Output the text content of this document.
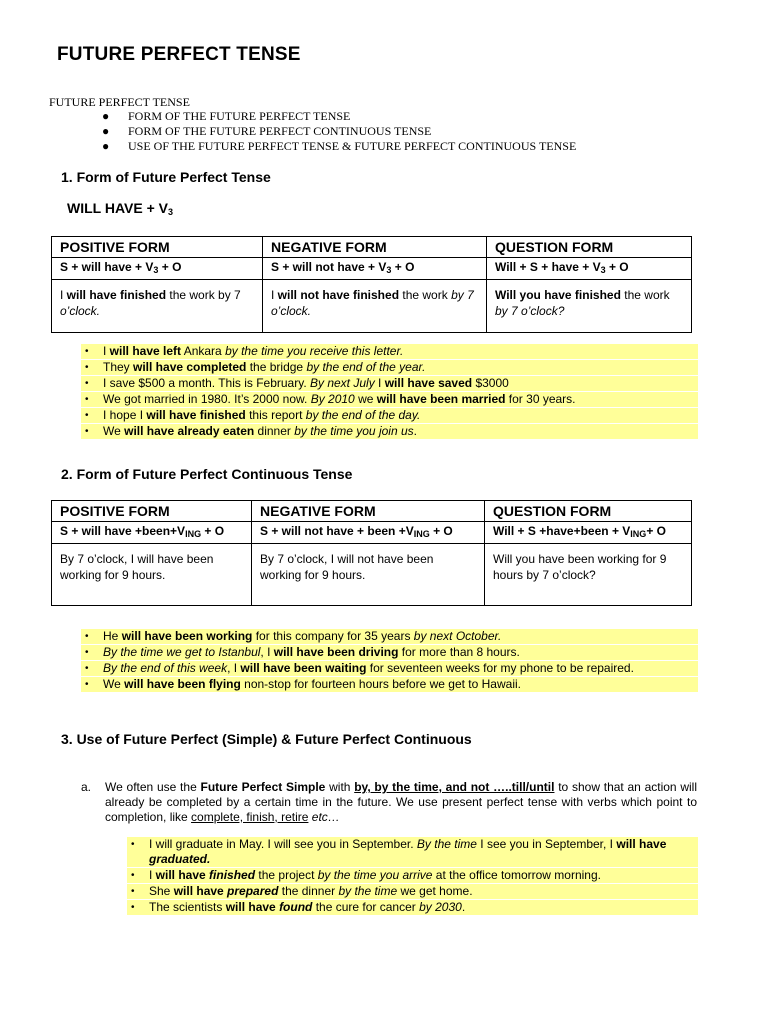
FUTURE PERFECT TENSE
FUTURE PERFECT TENSE
● FORM OF THE FUTURE PERFECT TENSE
● FORM OF THE FUTURE PERFECT CONTINUOUS TENSE
● USE OF THE FUTURE PERFECT TENSE & FUTURE PERFECT CONTINUOUS TENSE
1. Form of Future Perfect Tense
WILL HAVE + $V_3$
POSITIVE FORM	NEGATIVE FORM	QUESTION FORM
S + will have + $V_3 + O$	S + will not have + $V_3 + O$	Will + S + have + $V_3 + O$
I will have finished the work by 7 o’clock.	I will not have finished the work by 7 o’clock.	Will you have finished the work by 7 o’clock?
• I will have left Ankara by the time you receive this letter.
• They will have completed the bridge by the end of the year.
• I save $500 a month. This is February. By next July I will have saved $3000
• We got married in 1980. It’s 2000 now. By 2010 we will have been married for 30 years.
• I hope I will have finished this report by the end of the day.
• We will have already eaten dinner by the time you join us.
2. Form of Future Perfect Continuous Tense
POSITIVE FORM	NEGATIVE FORM	QUESTION FORM
S + will have $+been+V_{ING} + O$	S + will not have + been $+V_{ING} + O$	Will + S +have+been + $V_{ING}+ O$
By 7 o’clock, I will have been working for 9 hours.	By 7 o’clock, I will not have been working for 9 hours.	Will you have been working for 9 hours by 7 o’clock?
• He will have been working for this company for 35 years by next October.
• By the time we get to Istanbul, I will have been driving for more than 8 hours.
• By the end of this week, I will have been waiting for seventeen weeks for my phone to be repaired.
• We will have been flying non-stop for fourteen hours before we get to Hawaii.
3. Use of Future Perfect (Simple) & Future Perfect Continuous
a. We often use the Future Perfect Simple with by, by the time, and not …..till/until to show that an action will already be completed by a certain time in the future. We use present perfect tense with verbs which point to completion, like complete, finish, retire etc…
• I will graduate in May. I will see you in September. By the time I see you in September, I will have graduated.
• I will have finished the project by the time you arrive at the office tomorrow morning.
• She will have prepared the dinner by the time we get home.
• The scientists will have found the cure for cancer by 2030.
